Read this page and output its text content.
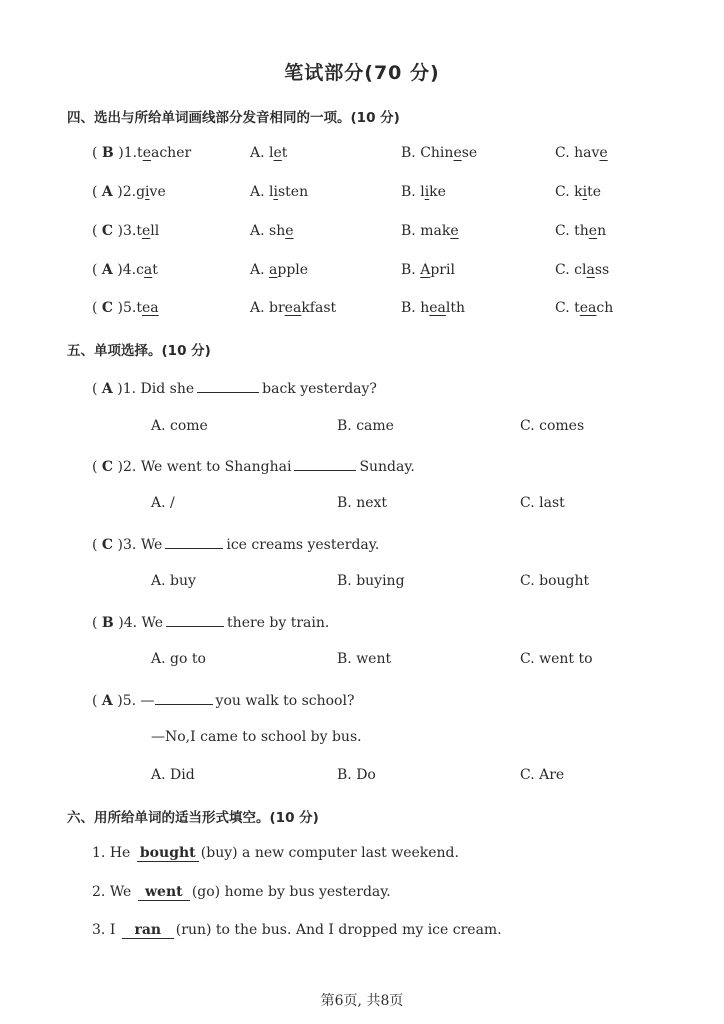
笔试部分(70 分)
四、选出与所给单词画线部分发音相同的一项。(10 分)
( B )1.teacher	A. let	B. Chinese	C. have
( A )2.give	A. listen	B. like	C. kite
( C )3.tell	A. she	B. make	C. then
( A )4.cat	A. apple	B. April	C. class
( C )5.tea	A. breakfast	B. health	C. teach
五、单项选择。(10 分)
( A )1. Did she	back yesterday?
A. come	B. came	C. comes
( C )2. We went to Shanghai	Sunday.
A. /	B. next	C. last
( C )3. We	ice creams yesterday.
A. buy	B. buying	C. bought
( B )4. We	there by train.
A. go to	B. went	C. went to
( A )5. —	you walk to school?
—No,I came to school by bus.
A. Did	B. Do	C. Are
六、用所给单词的适当形式填空。(10 分)
1. He bought (buy) a new computer last weekend.
2. We went (go) home by bus yesterday.
3. I ran (run) to the bus. And I dropped my ice cream.
第6页, 共8页
